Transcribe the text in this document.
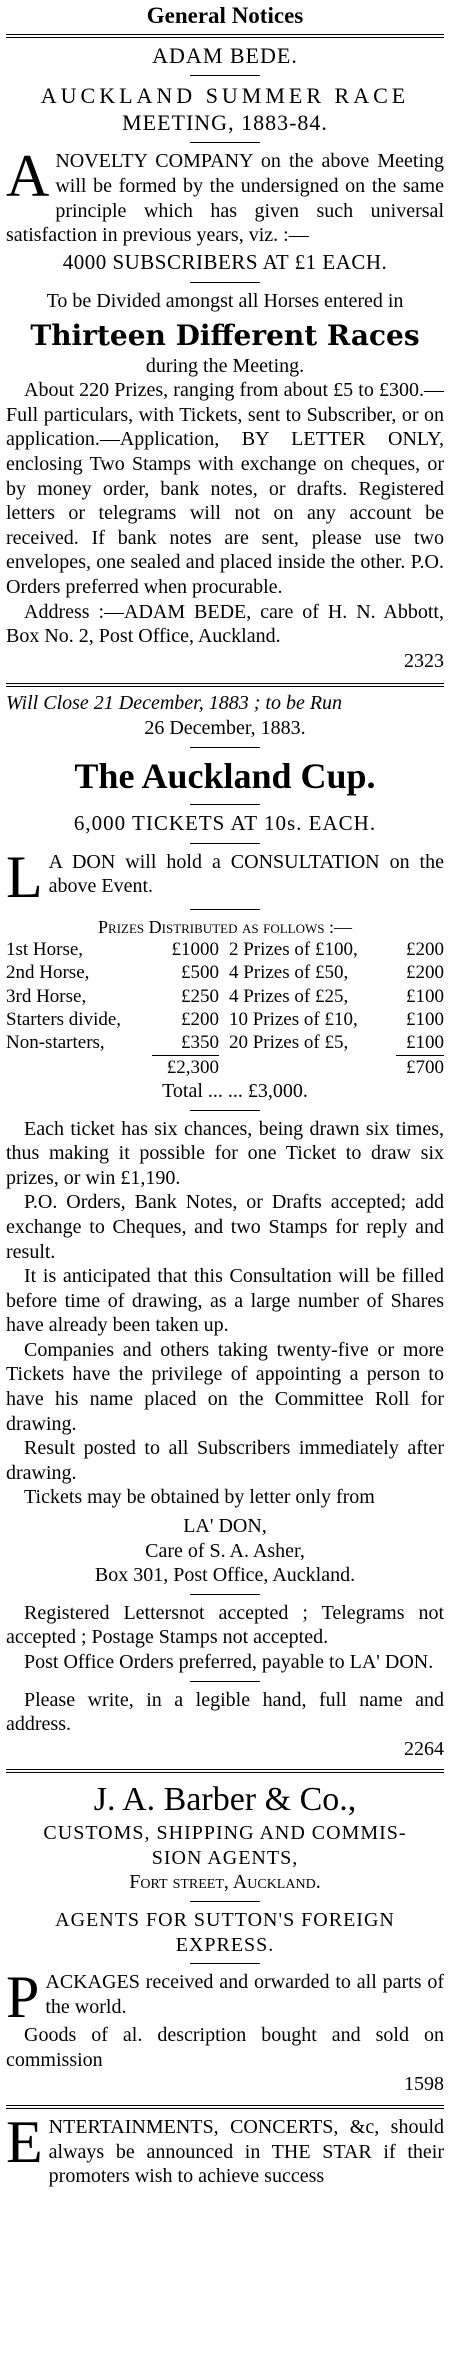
General Notices
ADAM BEDE.
AUCKLAND SUMMER RACE
MEETING, 1883-84.

ANOVELTY COMPANY on the above Meeting will be formed by the undersigned on the same principle which has given such universal satisfaction in previous years, viz. :—

4000 SUBSCRIBERS AT £1 EACH.
To be Divided amongst all Horses entered in
Thirteen Different Races
during the Meeting.

About 220 Prizes, ranging from about £5 to £300.—Full particulars, with Tickets, sent to Subscriber, or on application.—Application, BY LETTER ONLY, enclosing Two Stamps with exchange on cheques, or by money order, bank notes, or drafts. Registered letters or telegrams will not on any account be received. If bank notes are sent, please use two envelopes, one sealed and placed inside the other. P.O. Orders preferred when procurable.

Address :—ADAM BEDE, care of H. N. Abbott, Box No. 2, Post Office, Auckland.

2323
Will Close 21 December, 1883 ; to be Run
26 December, 1883.
The Auckland Cup.
6,000 TICKETS AT 10s. EACH.

L A DON will hold a CONSULTATION on the above Event.

Prizes Distributed as follows :—
1st Horse,	£1000	2 Prizes of £100,	£200
2nd Horse,	£500	4 Prizes of £50,	£200
3rd Horse,	£250	4 Prizes of £25,	£100
Starters divide,	£200	10 Prizes of £10,	£100
Non-starters,	£350	20 Prizes of £5,	£100
	£2,300		£700
Total ... ... £3,000.

Each ticket has six chances, being drawn six times, thus making it possible for one Ticket to draw six prizes, or win £1,190.

P.O. Orders, Bank Notes, or Drafts accepted; add exchange to Cheques, and two Stamps for reply and result.

It is anticipated that this Consultation will be filled before time of drawing, as a large number of Shares have already been taken up.

Companies and others taking twenty-five or more Tickets have the privilege of appointing a person to have his name placed on the Committee Roll for drawing.

Result posted to all Subscribers immediately after drawing.

Tickets may be obtained by letter only from

LA' DON,
Care of S. A. Asher,
Box 301, Post Office, Auckland.

Registered Lettersnot accepted ; Telegrams not accepted ; Postage Stamps not accepted.

Post Office Orders preferred, payable to LA' DON.

Please write, in a legible hand, full name and address.

2264
J. A. Barber & Co.,
CUSTOMS, SHIPPING AND COMMIS-
SION AGENTS,
Fort street, Auckland.
AGENTS FOR SUTTON'S FOREIGN
EXPRESS.

PACKAGES received and orwarded to all parts of the world.

Goods of al. description bought and sold on commission

1598

ENTERTAINMENTS, CONCERTS, &c, should always be announced in THE STAR if their promoters wish to achieve success
